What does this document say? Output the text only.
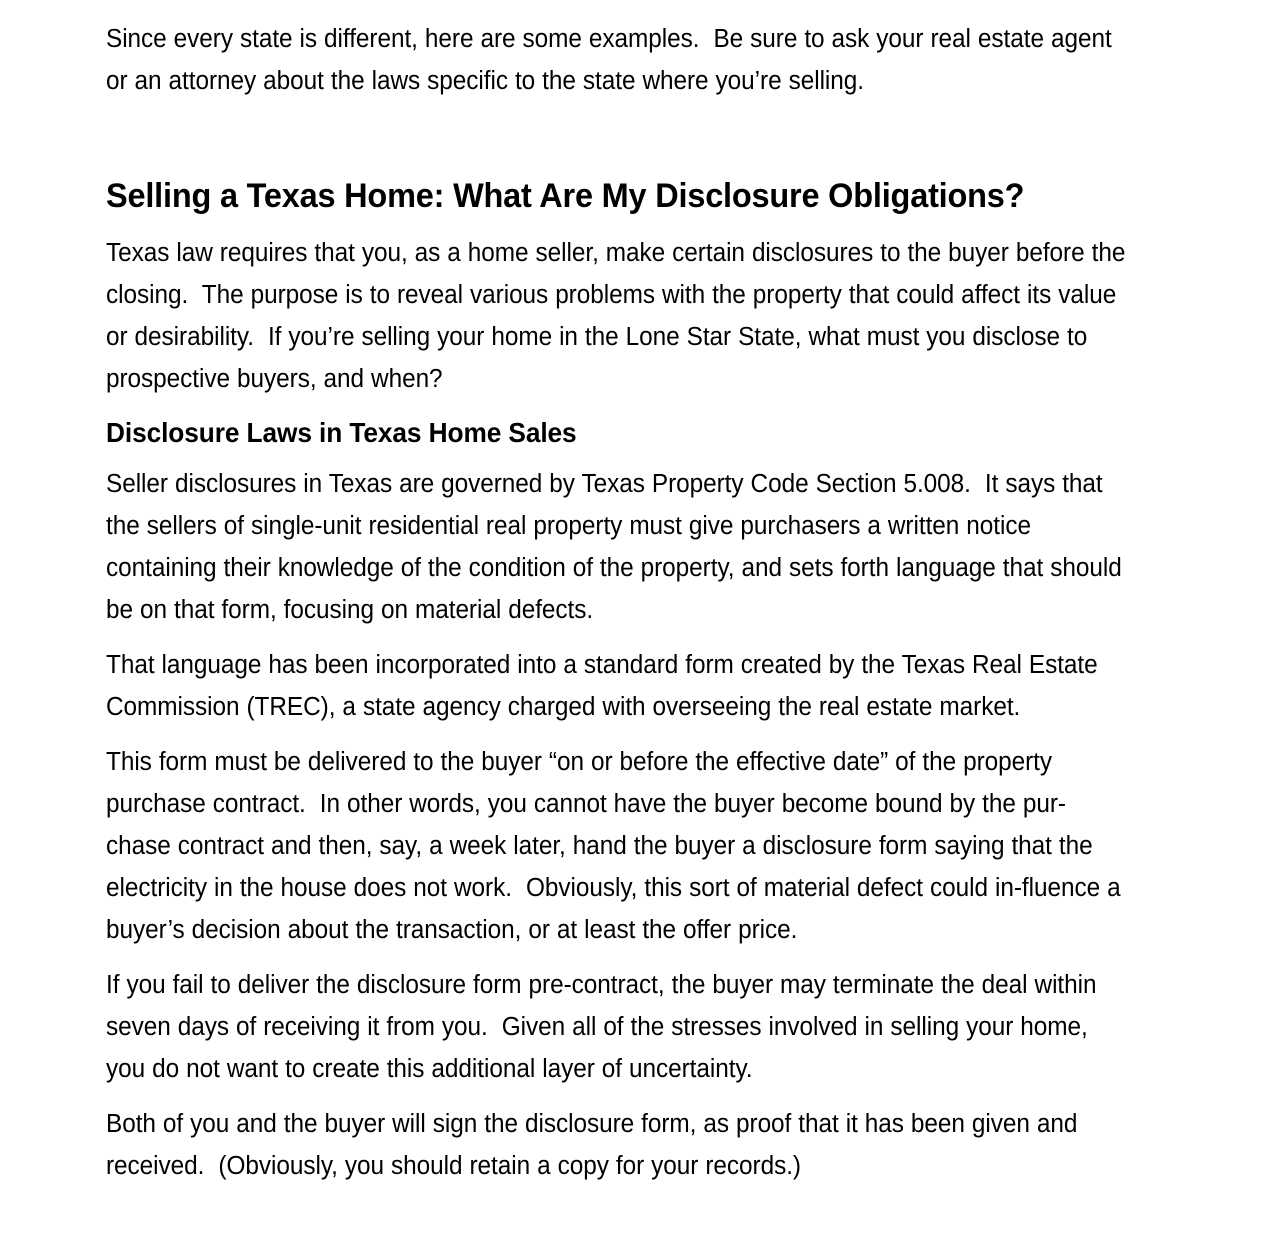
Since every state is different, here are some examples.  Be sure to ask your real estate agent or an attorney about the laws specific to the state where you’re selling.

Selling a Texas Home: What Are My Disclosure Obligations?

Texas law requires that you, as a home seller, make certain disclosures to the buyer before the closing.  The purpose is to reveal various problems with the property that could affect its value or desirability.  If you’re selling your home in the Lone Star State, what must you disclose to prospective buyers, and when?

Disclosure Laws in Texas Home Sales

Seller disclosures in Texas are governed by Texas Property Code Section 5.008.  It says that the sellers of single-unit residential real property must give purchasers a written notice containing their knowledge of the condition of the property, and sets forth language that should be on that form, focusing on material defects.

That language has been incorporated into a standard form created by the Texas Real Estate Commission (TREC), a state agency charged with overseeing the real estate market.

This form must be delivered to the buyer “on or before the effective date” of the property purchase contract.  In other words, you cannot have the buyer become bound by the pur-chase contract and then, say, a week later, hand the buyer a disclosure form saying that the electricity in the house does not work.  Obviously, this sort of material defect could in-fluence a buyer’s decision about the transaction, or at least the offer price.

If you fail to deliver the disclosure form pre-contract, the buyer may terminate the deal within seven days of receiving it from you.  Given all of the stresses involved in selling your home, you do not want to create this additional layer of uncertainty.

Both of you and the buyer will sign the disclosure form, as proof that it has been given and received.  (Obviously, you should retain a copy for your records.)
